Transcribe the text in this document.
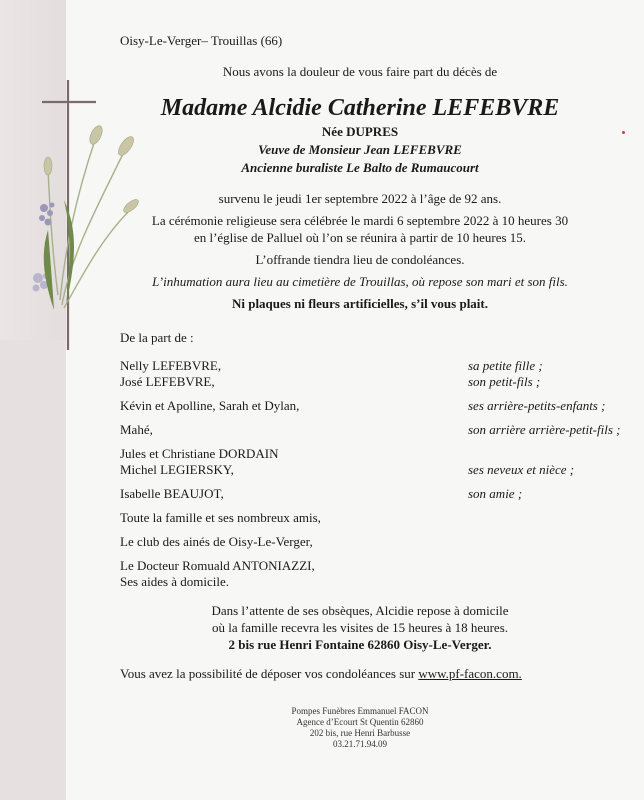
Oisy-Le-Verger– Trouillas (66)
Nous avons la douleur de vous faire part du décès de
Madame Alcidie Catherine LEFEBVRE
Née DUPRES
Veuve de Monsieur Jean LEFEBVRE
Ancienne buraliste Le Balto de Rumaucourt
survenu le jeudi 1er septembre 2022 à l’âge de 92 ans.
La cérémonie religieuse sera célébrée le mardi 6 septembre 2022 à 10 heures 30
en l’église de Palluel où l’on se réunira à partir de 10 heures 15.
L’offrande tiendra lieu de condoléances.
L’inhumation aura lieu au cimetière de Trouillas, où repose son mari et son fils.
Ni plaques ni fleurs artificielles, s’il vous plait.
De la part de :
Nelly LEFEBVRE,	sa petite fille ;
José LEFEBVRE,	son petit-fils ;
Kévin et Apolline, Sarah et Dylan,	ses arrière-petits-enfants ;
Mahé,	son arrière arrière-petit-fils ;
Jules et Christiane DORDAIN
Michel LEGIERSKY,	ses neveux et nièce ;
Isabelle BEAUJOT,	son amie ;
Toute la famille et ses nombreux amis,
Le club des ainés de Oisy-Le-Verger,
Le Docteur Romuald ANTONIAZZI,
Ses aides à domicile.
Dans l’attente de ses obsèques, Alcidie repose à domicile
où la famille recevra les visites de 15 heures à 18 heures.
2 bis rue Henri Fontaine 62860 Oisy-Le-Verger.
Vous avez la possibilité de déposer vos condoléances sur www.pf-facon.com.
Pompes Funèbres Emmanuel FACON
Agence d’Ecourt St Quentin 62860
202 bis, rue Henri Barbusse
03.21.71.94.09
